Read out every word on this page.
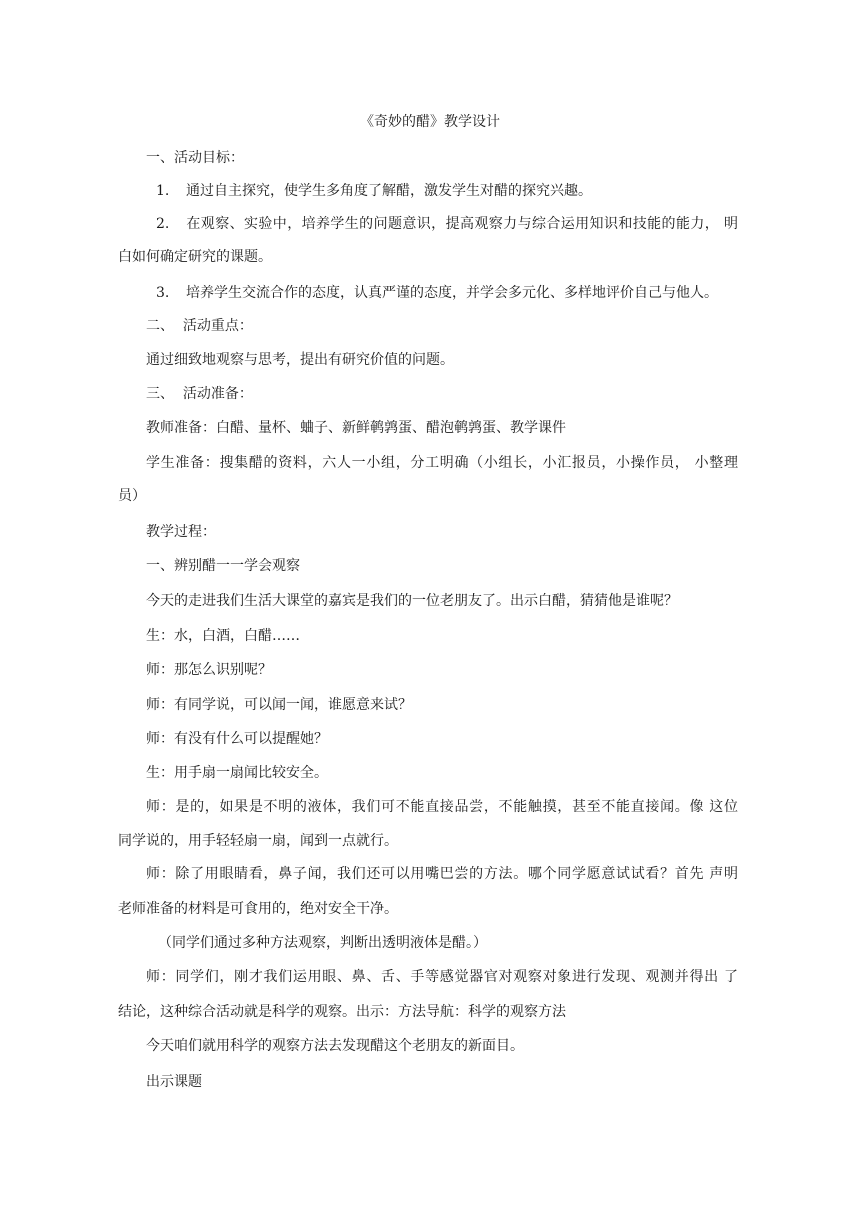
《奇妙的醋》教学设计
一、活动目标：
1. 通过自主探究，使学生多角度了解醋，激发学生对醋的探究兴趣。
2. 在观察、实验中，培养学生的问题意识，提高观察力与综合运用知识和技能的能力， 明
白如何确定研究的课题。
3. 培养学生交流合作的态度，认真严谨的态度，并学会多元化、多样地评价自己与他人。
二、  活动重点：
通过细致地观察与思考，提出有研究价值的问题。
三、  活动准备：
教师准备：白醋、量杯、蛐子、新鲜鹌鹑蛋、醋泡鹌鹑蛋、教学课件
学生准备：搜集醋的资料，六人一小组，分工明确（小组长，小汇报员，小操作员， 小整理
员）
教学过程：
一、辨别醋一一学会观察
今天的走进我们生活大课堂的嘉宾是我们的一位老朋友了。出示白醋，猜猜他是谁呢？
生：水，白酒，白醋……
师：那怎么识别呢？
师：有同学说，可以闻一闻，谁愿意来试？
师：有没有什么可以提醒她？
生：用手扇一扇闻比较安全。
师：是的，如果是不明的液体，我们可不能直接品尝，不能触摸，甚至不能直接闻。像 这位
同学说的，用手轻轻扇一扇，闻到一点就行。
师：除了用眼睛看，鼻子闻，我们还可以用嘴巴尝的方法。哪个同学愿意试试看？首先 声明
老师准备的材料是可食用的，绝对安全干净。
（同学们通过多种方法观察，判断出透明液体是醋。）
师：同学们，刚才我们运用眼、鼻、舌、手等感觉器官对观察对象进行发现、观测并得出 了
结论，这种综合活动就是科学的观察。出示：方法导航：科学的观察方法
今天咱们就用科学的观察方法去发现醋这个老朋友的新面目。
出示课题
